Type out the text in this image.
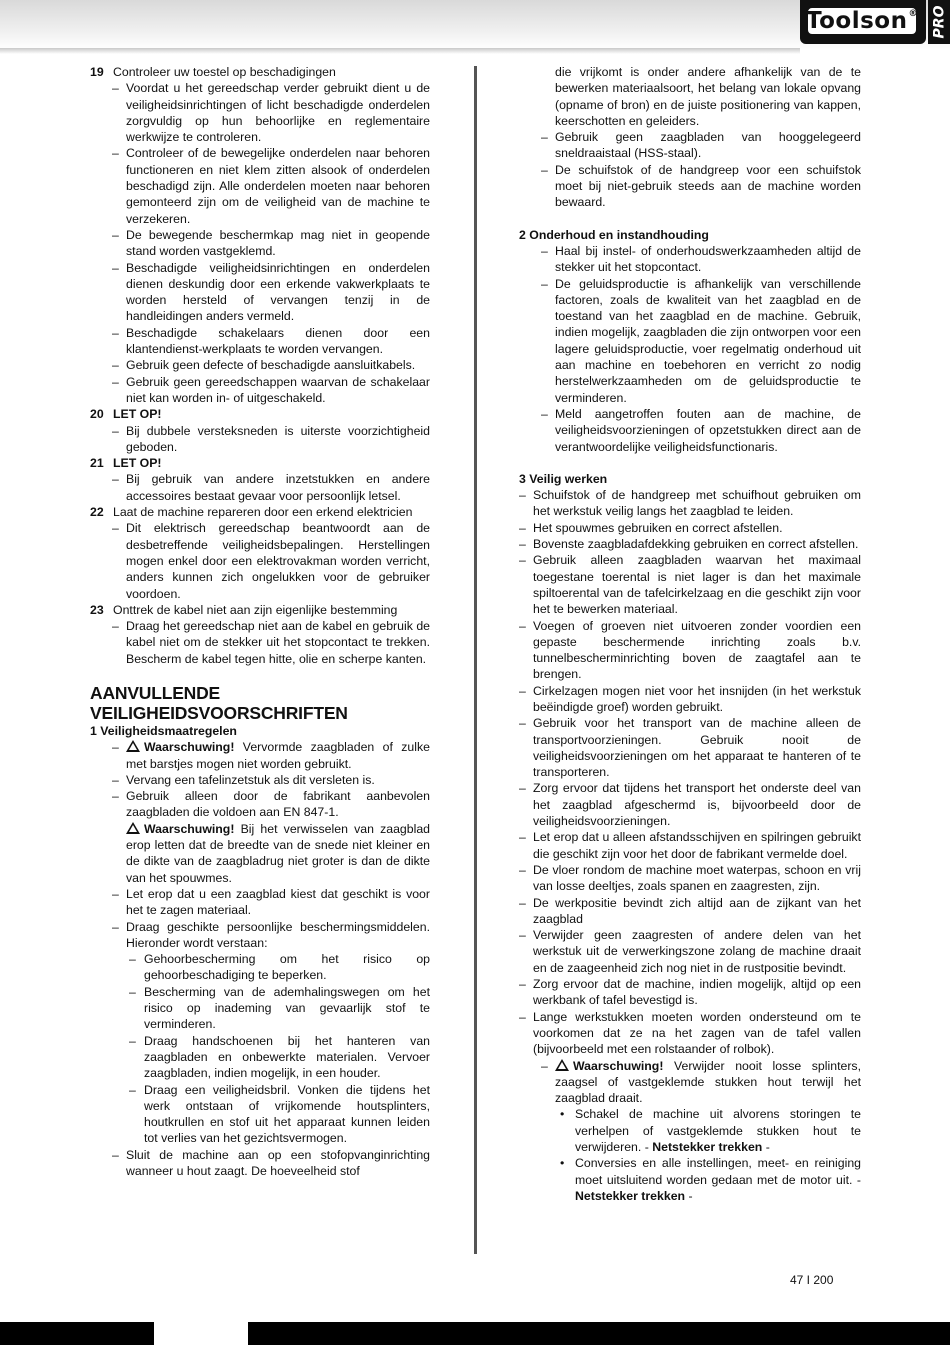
Toolson® PRO
19 Controleer uw toestel op beschadigingen
– Voordat u het gereedschap verder gebruikt dient u de veiligheidsinrichtingen of licht beschadigde onderdelen zorgvuldig op hun behoorlijke en reglementaire werkwijze te controleren.
– Controleer of de bewegelijke onderdelen naar behoren functioneren en niet klem zitten alsook of onderdelen beschadigd zijn. Alle onderdelen moeten naar behoren gemonteerd zijn om de veiligheid van de machine te verzekeren.
– De bewegende beschermkap mag niet in geopende stand worden vastgeklemd.
– Beschadigde veiligheidsinrichtingen en onderdelen dienen deskundig door een erkende vakwerkplaats te worden hersteld of vervangen tenzij in de handleidingen anders vermeld.
– Beschadigde schakelaars dienen door een klantendienst-werkplaats te worden vervangen.
– Gebruik geen defecte of beschadigde aansluitkabels.
– Gebruik geen gereedschappen waarvan de schakelaar niet kan worden in- of uitgeschakeld.
20 LET OP!
– Bij dubbele versteksneden is uiterste voorzichtigheid geboden.
21 LET OP!
– Bij gebruik van andere inzetstukken en andere accessoires bestaat gevaar voor persoonlijk letsel.
22 Laat de machine repareren door een erkend elektricien
– Dit elektrisch gereedschap beantwoordt aan de desbetreffende veiligheidsbepalingen. Herstellingen mogen enkel door een elektrovakman worden verricht, anders kunnen zich ongelukken voor de gebruiker voordoen.
23 Onttrek de kabel niet aan zijn eigenlijke bestemming
– Draag het gereedschap niet aan de kabel en gebruik de kabel niet om de stekker uit het stopcontact te trekken. Bescherm de kabel tegen hitte, olie en scherpe kanten.
AANVULLENDE VEILIGHEIDSVOORSCHRIFTEN
1 Veiligheidsmaatregelen
– Waarschuwing! Vervormde zaagbladen of zulke met barstjes mogen niet worden gebruikt.
– Vervang een tafelinzetstuk als dit versleten is.
– Gebruik alleen door de fabrikant aanbevolen zaagbladen die voldoen aan EN 847-1.
Waarschuwing! Bij het verwisselen van zaagblad erop letten dat de breedte van de snede niet kleiner en de dikte van de zaagbladrug niet groter is dan de dikte van het spouwmes.
– Let erop dat u een zaagblad kiest dat geschikt is voor het te zagen materiaal.
– Draag geschikte persoonlijke beschermingsmiddelen. Hieronder wordt verstaan:
– Gehoorbescherming om het risico op gehoorbeschadiging te beperken.
– Bescherming van de ademhalingswegen om het risico op inademing van gevaarlijk stof te verminderen.
– Draag handschoenen bij het hanteren van zaagbladen en onbewerkte materialen. Vervoer zaagbladen, indien mogelijk, in een houder.
– Draag een veiligheidsbril. Vonken die tijdens het werk ontstaan of vrijkomende houtsplinters, houtkrullen en stof uit het apparaat kunnen leiden tot verlies van het gezichtsvermogen.
– Sluit de machine aan op een stofopvanginrichting wanneer u hout zaagt. De hoeveelheid stof
die vrijkomt is onder andere afhankelijk van de te bewerken materiaalsoort, het belang van lokale opvang (opname of bron) en de juiste positionering van kappen, keerschotten en geleiders.
– Gebruik geen zaagbladen van hooggelegeerd sneldraaistaal (HSS-staal).
– De schuifstok of de handgreep voor een schuifstok moet bij niet-gebruik steeds aan de machine worden bewaard.
2 Onderhoud en instandhouding
– Haal bij instel- of onderhoudswerkzaamheden altijd de stekker uit het stopcontact.
– De geluidsproductie is afhankelijk van verschillende factoren, zoals de kwaliteit van het zaagblad en de toestand van het zaagblad en de machine. Gebruik, indien mogelijk, zaagbladen die zijn ontworpen voor een lagere geluidsproductie, voer regelmatig onderhoud uit aan machine en toebehoren en verricht zo nodig herstelwerkzaamheden om de geluidsproductie te verminderen.
– Meld aangetroffen fouten aan de machine, de veiligheidsvoorzieningen of opzetstukken direct aan de verantwoordelijke veiligheidsfunctionaris.
3 Veilig werken
– Schuifstok of de handgreep met schuifhout gebruiken om het werkstuk veilig langs het zaagblad te leiden.
– Het spouwmes gebruiken en correct afstellen.
– Bovenste zaagbladafdekking gebruiken en correct afstellen.
– Gebruik alleen zaagbladen waarvan het maximaal toegestane toerental is niet lager is dan het maximale spiltoerental van de tafelcirkelzaag en die geschikt zijn voor het te bewerken materiaal.
– Voegen of groeven niet uitvoeren zonder voordien een gepaste beschermende inrichting zoals b.v. tunnelbescherminrichting boven de zaagtafel aan te brengen.
– Cirkelzagen mogen niet voor het insnijden (in het werkstuk beëindigde groef) worden gebruikt.
– Gebruik voor het transport van de machine alleen de transportvoorzieningen. Gebruik nooit de veiligheidsvoorzieningen om het apparaat te hanteren of te transporteren.
– Zorg ervoor dat tijdens het transport het onderste deel van het zaagblad afgeschermd is, bijvoorbeeld door de veiligheidsvoorzieningen.
– Let erop dat u alleen afstandsschijven en spilringen gebruikt die geschikt zijn voor het door de fabrikant vermelde doel.
– De vloer rondom de machine moet waterpas, schoon en vrij van losse deeltjes, zoals spanen en zaagresten, zijn.
– De werkpositie bevindt zich altijd aan de zijkant van het zaagblad
– Verwijder geen zaagresten of andere delen van het werkstuk uit de verwerkingszone zolang de machine draait en de zaageenheid zich nog niet in de rustpositie bevindt.
– Zorg ervoor dat de machine, indien mogelijk, altijd op een werkbank of tafel bevestigd is.
– Lange werkstukken moeten worden ondersteund om te voorkomen dat ze na het zagen van de tafel vallen (bijvoorbeeld met een rolstaander of rolbok).
– Waarschuwing! Verwijder nooit losse splinters, zaagsel of vastgeklemde stukken hout terwijl het zaagblad draait.
• Schakel de machine uit alvorens storingen te verhelpen of vastgeklemde stukken hout te verwijderen. - Netstekker trekken -
• Conversies en alle instellingen, meet- en reiniging moet uitsluitend worden gedaan met de motor uit. - Netstekker trekken -
47 I 200
